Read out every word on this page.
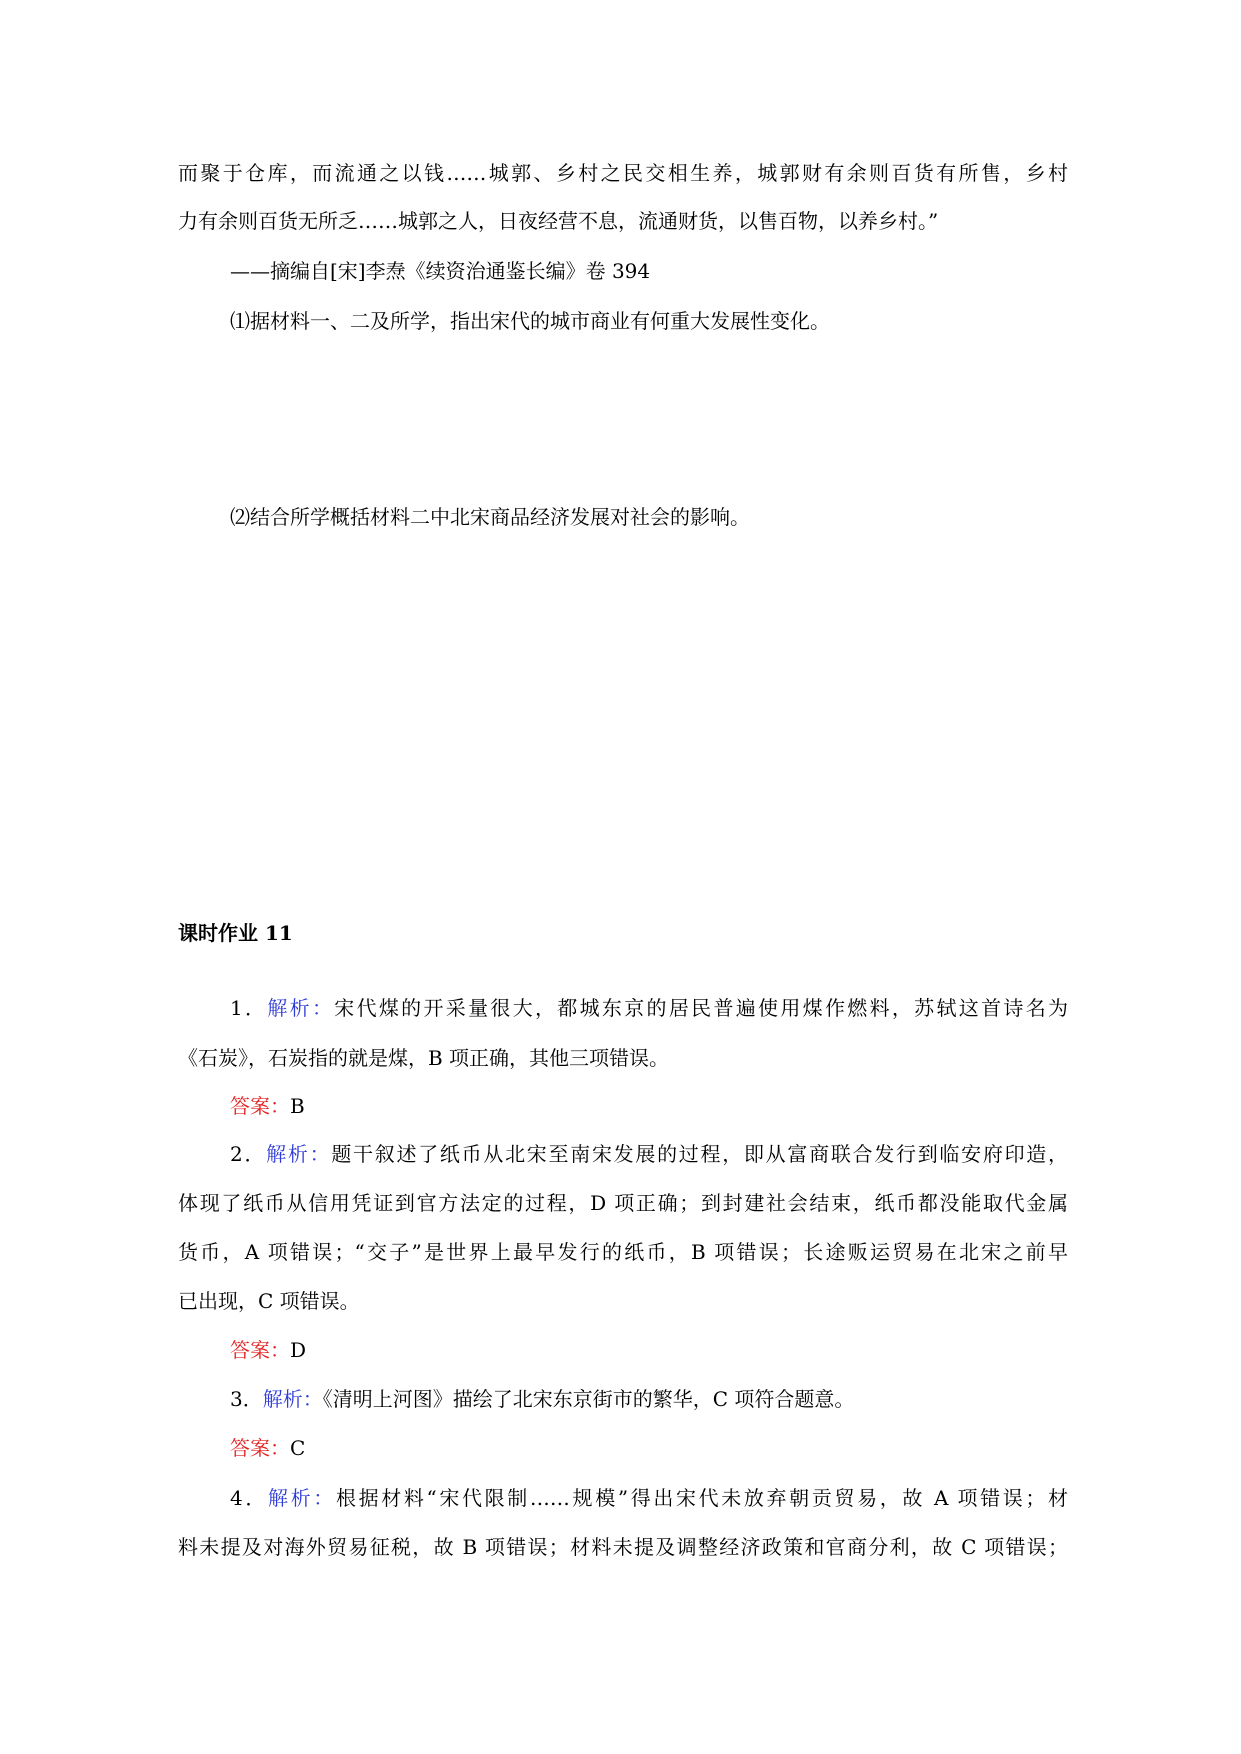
而聚于仓库，而流通之以钱……城郭、乡村之民交相生养，城郭财有余则百货有所售，乡村
力有余则百货无所乏……城郭之人，日夜经营不息，流通财货，以售百物，以养乡村。”
——摘编自[宋]李焘《续资治通鉴长编》卷 394
⑴据材料一、二及所学，指出宋代的城市商业有何重大发展性变化。
⑵结合所学概括材料二中北宋商品经济发展对社会的影响。
课时作业 11
1．解析：宋代煤的开采量很大，都城东京的居民普遍使用煤作燃料，苏轼这首诗名为
《石炭》，石炭指的就是煤，B 项正确，其他三项错误。
答案：B
2．解析：题干叙述了纸币从北宋至南宋发展的过程，即从富商联合发行到临安府印造，
体现了纸币从信用凭证到官方法定的过程，D 项正确；到封建社会结束，纸币都没能取代金属
货币，A 项错误；“交子”是世界上最早发行的纸币，B 项错误；长途贩运贸易在北宋之前早
已出现，C 项错误。
答案：D
3．解析：《清明上河图》描绘了北宋东京街市的繁华，C 项符合题意。
答案：C
4．解析：根据材料“宋代限制……规模”得出宋代未放弃朝贡贸易，故 A 项错误；材
料未提及对海外贸易征税，故 B 项错误；材料未提及调整经济政策和官商分利，故 C 项错误；
